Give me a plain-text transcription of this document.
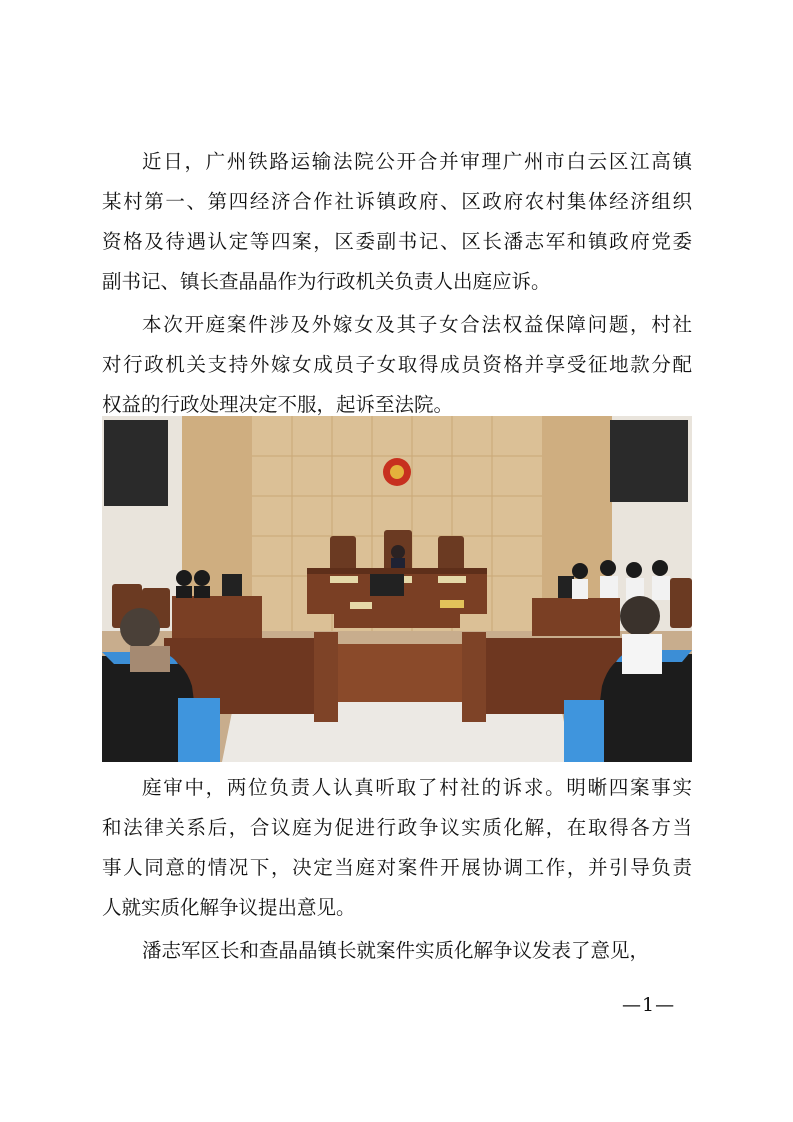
近日，广州铁路运输法院公开合并审理广州市白云区江高镇
某村第一、第四经济合作社诉镇政府、区政府农村集体经济组织
资格及待遇认定等四案，区委副书记、区长潘志军和镇政府党委
副书记、镇长查晶晶作为行政机关负责人出庭应诉。

本次开庭案件涉及外嫁女及其子女合法权益保障问题，村社
对行政机关支持外嫁女成员子女取得成员资格并享受征地款分配
权益的行政处理决定不服，起诉至法院。

庭审中，两位负责人认真听取了村社的诉求。明晰四案事实
和法律关系后，合议庭为促进行政争议实质化解，在取得各方当
事人同意的情况下，决定当庭对案件开展协调工作，并引导负责
人就实质化解争议提出意见。

潘志军区长和查晶晶镇长就案件实质化解争议发表了意见，

—1—
